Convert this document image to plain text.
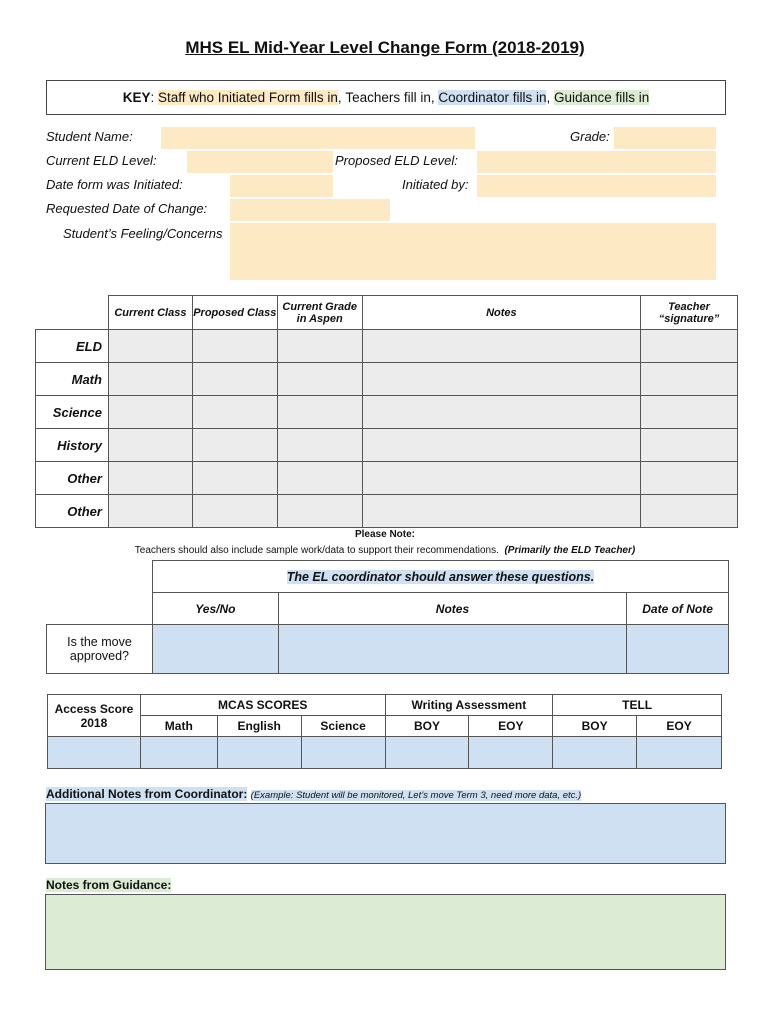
MHS EL Mid-Year Level Change Form (2018-2019)
KEY: Staff who Initiated Form fills in , Teachers fill in , Coordinator fills in , Guidance fills in
Student Name:	Grade:
Current ELD Level:	Proposed ELD Level:
Date form was Initiated:	Initiated by:
Requested Date of Change:
Student’s Feeling/Concerns
	Current Class	Proposed Class	Current Grade in Aspen	Notes	Teacher “signature”
ELD					
Math					
Science					
History					
Other					
Other					
Please Note:
Teachers should also include sample work/data to support their recommendations. (Primarily the ELD Teacher)
	The EL coordinator should answer these questions.		
	Yes/No	Notes	Date of Note
Is the move approved?			
Access Score 2018	MCAS SCORES			Writing Assessment		TELL	
	Math	English	Science	BOY	EOY	BOY	EOY

Additional Notes from Coordinator: (Example: Student will be monitored, Let’s move Term 3, need more data, etc.)
Notes from Guidance:
